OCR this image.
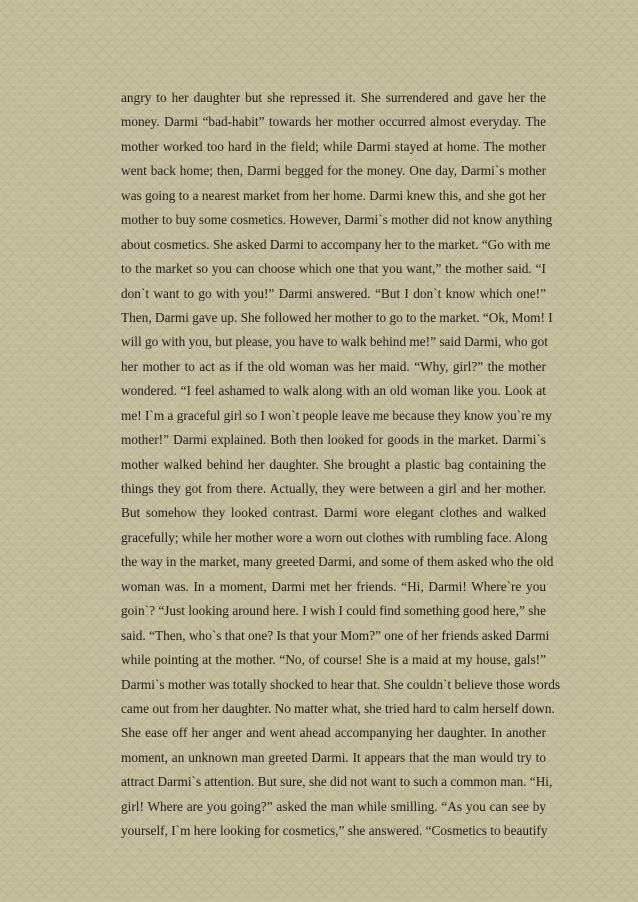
angry to her daughter but she repressed it. She surrendered and gave her the
money. Darmi “bad-habit” towards her mother occurred almost everyday. The
mother worked too hard in the field; while Darmi stayed at home. The mother
went back home; then, Darmi begged for the money. One day, Darmi`s mother
was going to a nearest market from her home. Darmi knew this, and she got her
mother to buy some cosmetics. However, Darmi`s mother did not know anything
about cosmetics. She asked Darmi to accompany her to the market. “Go with me
to the market so you can choose which one that you want,” the mother said. “I
don`t want to go with you!” Darmi answered. “But I don`t know which one!”
Then, Darmi gave up. She followed her mother to go to the market. “Ok, Mom! I
will go with you, but please, you have to walk behind me!” said Darmi, who got
her mother to act as if the old woman was her maid. “Why, girl?” the mother
wondered. “I feel ashamed to walk along with an old woman like you. Look at
me! I`m a graceful girl so I won`t people leave me because they know you`re my
mother!” Darmi explained. Both then looked for goods in the market. Darmi`s
mother walked behind her daughter. She brought a plastic bag containing the
things they got from there. Actually, they were between a girl and her mother.
But somehow they looked contrast. Darmi wore elegant clothes and walked
gracefully; while her mother wore a worn out clothes with rumbling face. Along
the way in the market, many greeted Darmi, and some of them asked who the old
woman was. In a moment, Darmi met her friends. “Hi, Darmi! Where`re you
goin`? “Just looking around here. I wish I could find something good here,” she
said. “Then, who`s that one? Is that your Mom?” one of her friends asked Darmi
while pointing at the mother. “No, of course! She is a maid at my house, gals!”
Darmi`s mother was totally shocked to hear that. She couldn`t believe those words
came out from her daughter. No matter what, she tried hard to calm herself down.
She ease off her anger and went ahead accompanying her daughter. In another
moment, an unknown man greeted Darmi. It appears that the man would try to
attract Darmi`s attention. But sure, she did not want to such a common man. “Hi,
girl! Where are you going?” asked the man while smilling. “As you can see by
yourself, I`m here looking for cosmetics,” she answered. “Cosmetics to beautify
